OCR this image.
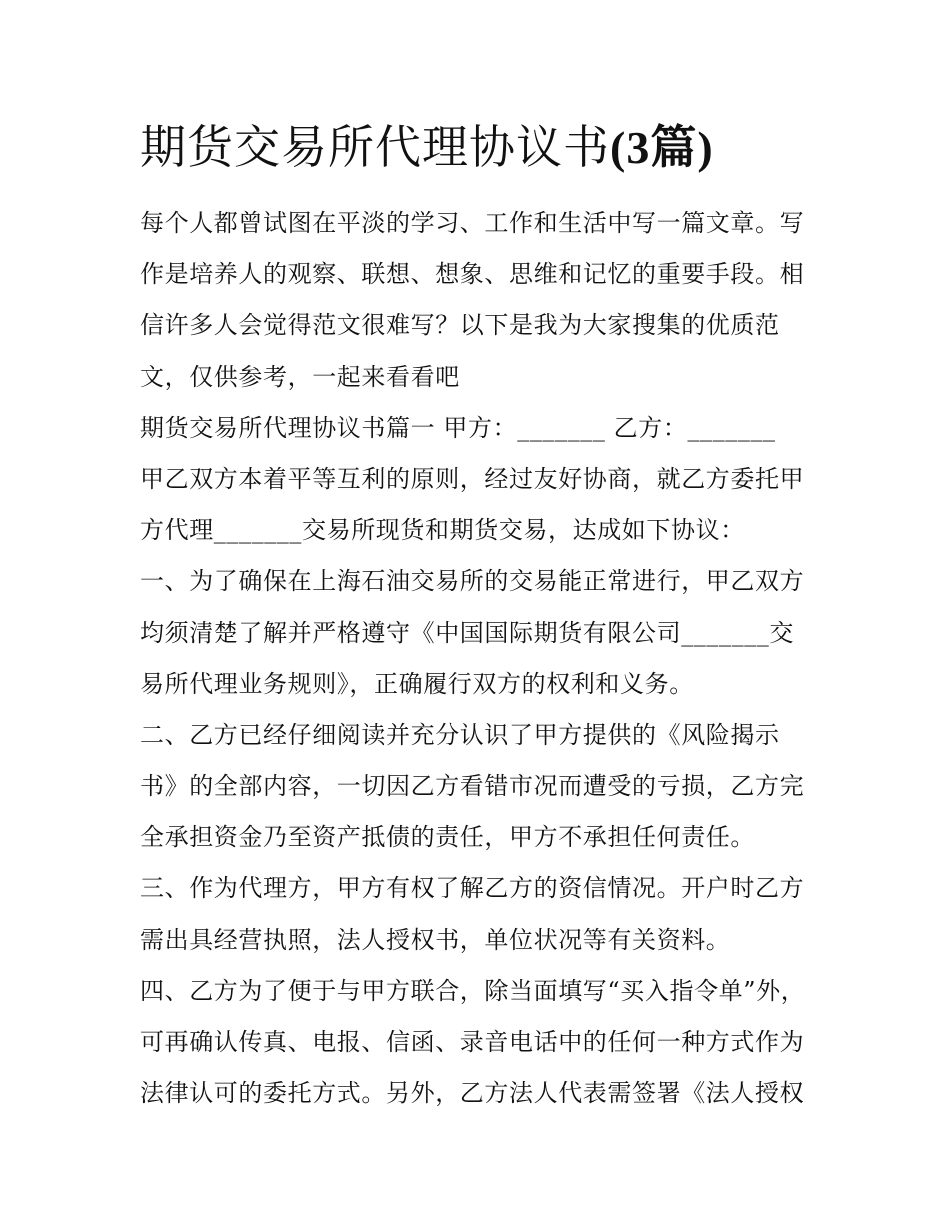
期货交易所代理协议书(3篇)
每个人都曾试图在平淡的学习、工作和生活中写一篇文章。写
作是培养人的观察、联想、想象、思维和记忆的重要手段。相
信许多人会觉得范文很难写？以下是我为大家搜集的优质范
文，仅供参考，一起来看看吧
期货交易所代理协议书篇一 甲方：_______ 乙方：_______
甲乙双方本着平等互利的原则，经过友好协商，就乙方委托甲
方代理_______交易所现货和期货交易，达成如下协议：
一、为了确保在上海石油交易所的交易能正常进行，甲乙双方
均须清楚了解并严格遵守《中国国际期货有限公司_______交
易所代理业务规则》，正确履行双方的权利和义务。
二、乙方已经仔细阅读并充分认识了甲方提供的《风险揭示
书》的全部内容，一切因乙方看错市况而遭受的亏损，乙方完
全承担资金乃至资产抵债的责任，甲方不承担任何责任。
三、作为代理方，甲方有权了解乙方的资信情况。开户时乙方
需出具经营执照，法人授权书，单位状况等有关资料。
四、乙方为了便于与甲方联合，除当面填写“买入指令单”外，
可再确认传真、电报、信函、录音电话中的任何一种方式作为
法律认可的委托方式。另外，乙方法人代表需签署《法人授权
